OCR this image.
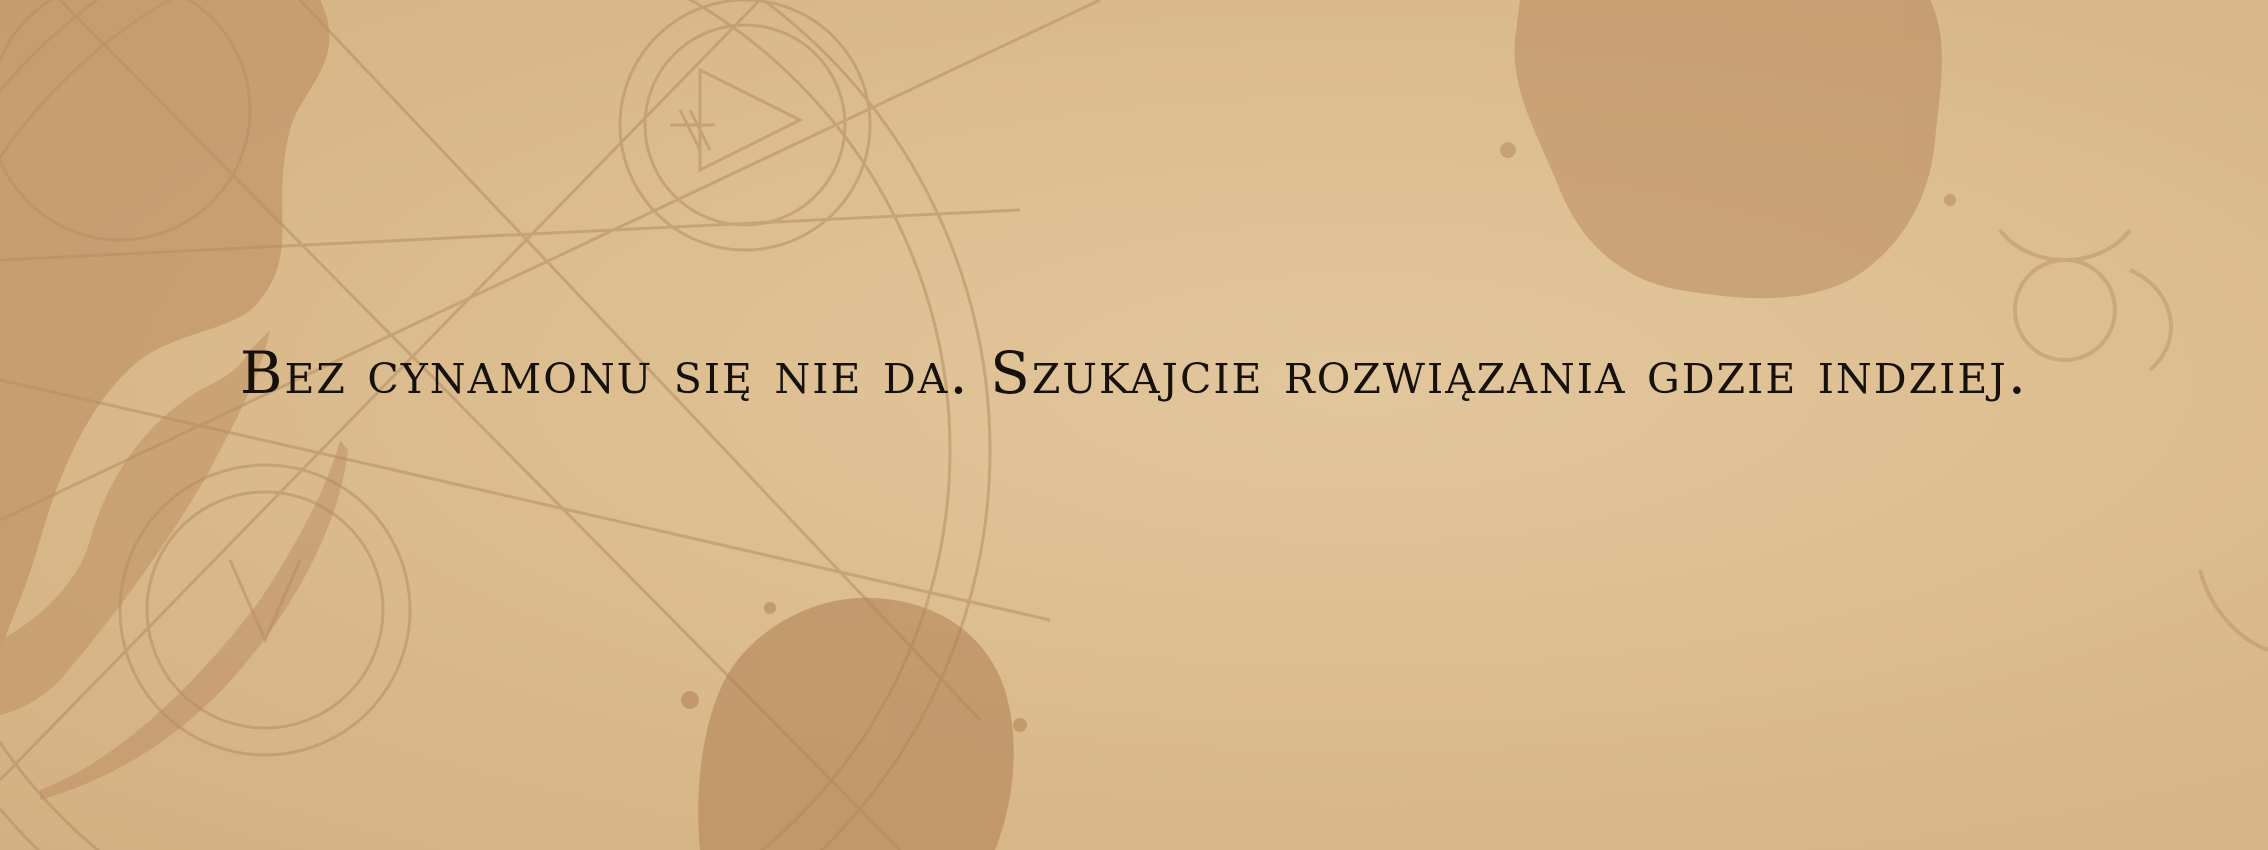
Bez cynamonu się nie da. Szukajcie rozwiązania gdzie indziej.
